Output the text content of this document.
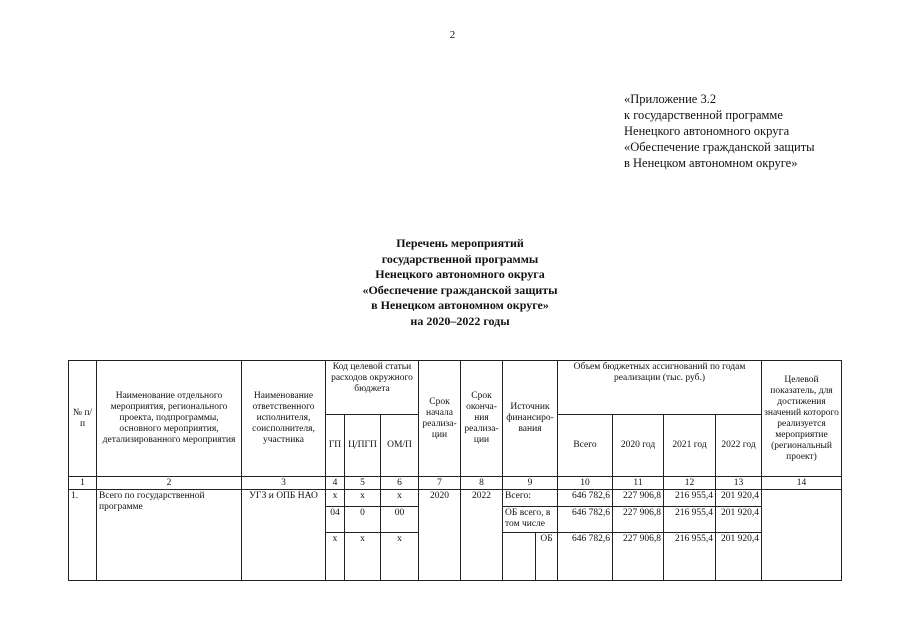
2
«Приложение 3.2
к государственной программе
Ненецкого автономного округа
«Обеспечение гражданской защиты
в Ненецком автономном округе»
Перечень мероприятий
государственной программы
Ненецкого автономного округа
«Обеспечение гражданской защиты
в Ненецком автономном округе»
на 2020–2022 годы
№ п/п	Наименование отдельного мероприятия, регионального проекта, подпрограммы, основного мероприятия, детализированного мероприятия	Наименование ответственного исполнителя, соисполнителя, участника	Код целевой статьи расходов окружного бюджета			Срок начала реализа-ции	Срок оконча-ния реализа-ции	Источник финансиро-вания		Объем бюджетных ассигнований по годам реализации (тыс. руб.)				Целевой показатель, для достижения значений которого реализуется мероприятие (региональный проект)
			ГП	Ц/ПГП	ОМ/П					Всего	2020 год	2021 год	2022 год	
1	2	3	4	5	6	7	8	9		10	11	12	13	14
1.	Всего по государственной программе	УГЗ и ОПБ НАО	х	х	х	2020	2022	Всего:		646 782,6	227 906,8	216 955,4	201 920,4	
			04	0	00			ОБ всего, в том числе		646 782,6	227 906,8	216 955,4	201 920,4	
			х	х	х				ОБ	646 782,6	227 906,8	216 955,4	201 920,4	
